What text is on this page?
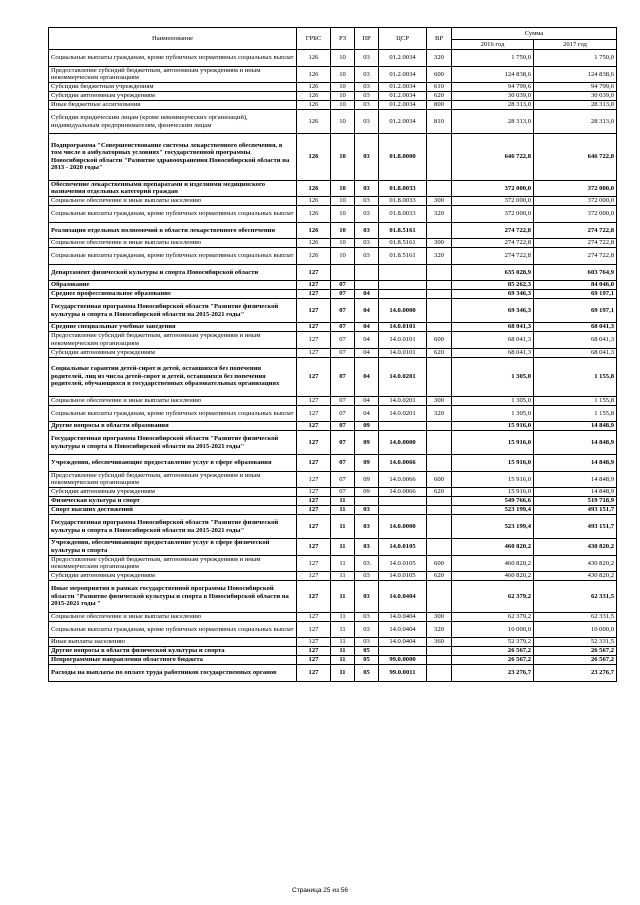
Наименование	ГРБС	РЗ	ПР	ЦСР	ВР	Сумма	
						2016 год	2017 год
Социальные выплаты гражданам, кроме публичных нормативных социальных выплат	126	10	03	01.2.0034	320	1 750,0	1 750,0
Предоставление субсидий бюджетным, автономным учреждениям и иным некоммерческим организациям	126	10	03	01.2.0034	600	124 838,6	124 838,6
Субсидии бюджетным учреждениям	126	10	03	01.2.0034	610	94 799,6	94 799,6
Субсидии автономным учреждениям	126	10	03	01.2.0034	620	30 039,0	30 039,0
Иные бюджетные ассигнования	126	10	03	01.2.0034	800	28 313,0	28 313,0
Субсидии юридическим лицам (кроме некоммерческих организаций), индивидуальным предпринимателям, физическим лицам	126	10	03	01.2.0034	810	28 313,0	28 313,0
Подпрограмма "Совершенствование системы лекарственного обеспечения, в том числе в амбулаторных условиях" государственной программы Новосибирской области "Развитие здравоохранения Новосибирской области на 2013 - 2020 годы"	126	10	03	01.8.0000		646 722,8	646 722,8
Обеспечение лекарственными препаратами и изделиями медицинского назначения отдельных категорий граждан	126	10	03	01.8.0033		372 000,0	372 000,0
Социальное обеспечение и иные выплаты населению	126	10	03	01.8.0033	300	372 000,0	372 000,0
Социальные выплаты гражданам, кроме публичных нормативных социальных выплат	126	10	03	01.8.0033	320	372 000,0	372 000,0
Реализация отдельных полномочий в области лекарственного обеспечения	126	10	03	01.8.5161		274 722,8	274 722,8
Социальное обеспечение и иные выплаты населению	126	10	03	01.8.5161	300	274 722,8	274 722,8
Социальные выплаты гражданам, кроме публичных нормативных социальных выплат	126	10	03	01.8.5161	320	274 722,8	274 722,8
Департамент физической культуры и спорта Новосибирской области	127					635 028,9	603 764,9
Образование	127	07				85 262,3	84 046,0
Среднее профессиональное образование	127	07	04			69 346,3	69 197,1
Государственная программа Новосибирской области "Развитие физической культуры и спорта в Новосибирской области на 2015-2021 годы"	127	07	04	14.0.0000		69 346,3	69 197,1
Средние специальные учебные заведения	127	07	04	14.0.0101		68 041,3	68 041,3
Предоставление субсидий бюджетным, автономным учреждениям и иным некоммерческим организациям	127	07	04	14.0.0101	600	68 041,3	68 041,3
Субсидии автономным учреждениям	127	07	04	14.0.0101	620	68 041,3	68 041,3
Социальные гарантии детей-сирот и детей, оставшихся без попечения родителей, лиц из числа детей-сирот и детей, оставшихся без попечения родителей, обучающихся в государственных образовательных организациях	127	07	04	14.0.0201		1 305,0	1 155,8
Социальное обеспечение и иные выплаты населению	127	07	04	14.0.0201	300	1 305,0	1 155,8
Социальные выплаты гражданам, кроме публичных нормативных социальных выплат	127	07	04	14.0.0201	320	1 305,0	1 155,8
Другие вопросы в области образования	127	07	09			15 916,0	14 848,9
Государственная программа Новосибирской области "Развитие физической культуры и спорта в Новосибирской области на 2015-2021 годы"	127	07	09	14.0.0000		15 916,0	14 848,9
Учреждения, обеспечивающие предоставление услуг в сфере образования	127	07	09	14.0.0066		15 916,0	14 848,9
Предоставление субсидий бюджетным, автономным учреждениям и иным некоммерческим организациям	127	07	09	14.0.0066	600	15 916,0	14 848,9
Субсидии автономным учреждениям	127	07	09	14.0.0066	620	15 916,0	14 848,9
Физическая культура и спорт	127	11				549 766,6	519 718,9
Спорт высших достижений	127	11	03			523 199,4	493 151,7
Государственная программа Новосибирской области "Развитие физической культуры и спорта в Новосибирской области на 2015-2021 годы"	127	11	03	14.0.0000		523 199,4	493 151,7
Учреждения, обеспечивающие предоставление услуг в сфере физической культуры и спорта	127	11	03	14.0.0105		460 820,2	430 820,2
Предоставление субсидий бюджетным, автономным учреждениям и иным некоммерческим организациям	127	11	03	14.0.0105	600	460 820,2	430 820,2
Субсидии автономным учреждениям	127	11	03	14.0.0105	620	460 820,2	430 820,2
Иные мероприятия в рамках государственной программы Новосибирской области "Развитие физической культуры и спорта в Новосибирской области на 2015-2021 годы "	127	11	03	14.0.0404		62 379,2	62 331,5
Социальное обеспечение и иные выплаты населению	127	11	03	14.0.0404	300	62 379,2	62 331,5
Социальные выплаты гражданам, кроме публичных нормативных социальных выплат	127	11	03	14.0.0404	320	10 000,0	10 000,0
Иные выплаты населению	127	11	03	14.0.0404	360	52 379,2	52 331,5
Другие вопросы в области физической культуры и спорта	127	11	05			26 567,2	26 567,2
Непрограммные направления областного бюджета	127	11	05	99.0.0000		26 567,2	26 567,2
Расходы на выплаты по оплате труда работников государственных органов	127	11	05	99.0.0011		23 276,7	23 276,7
Страница 25 из 56
